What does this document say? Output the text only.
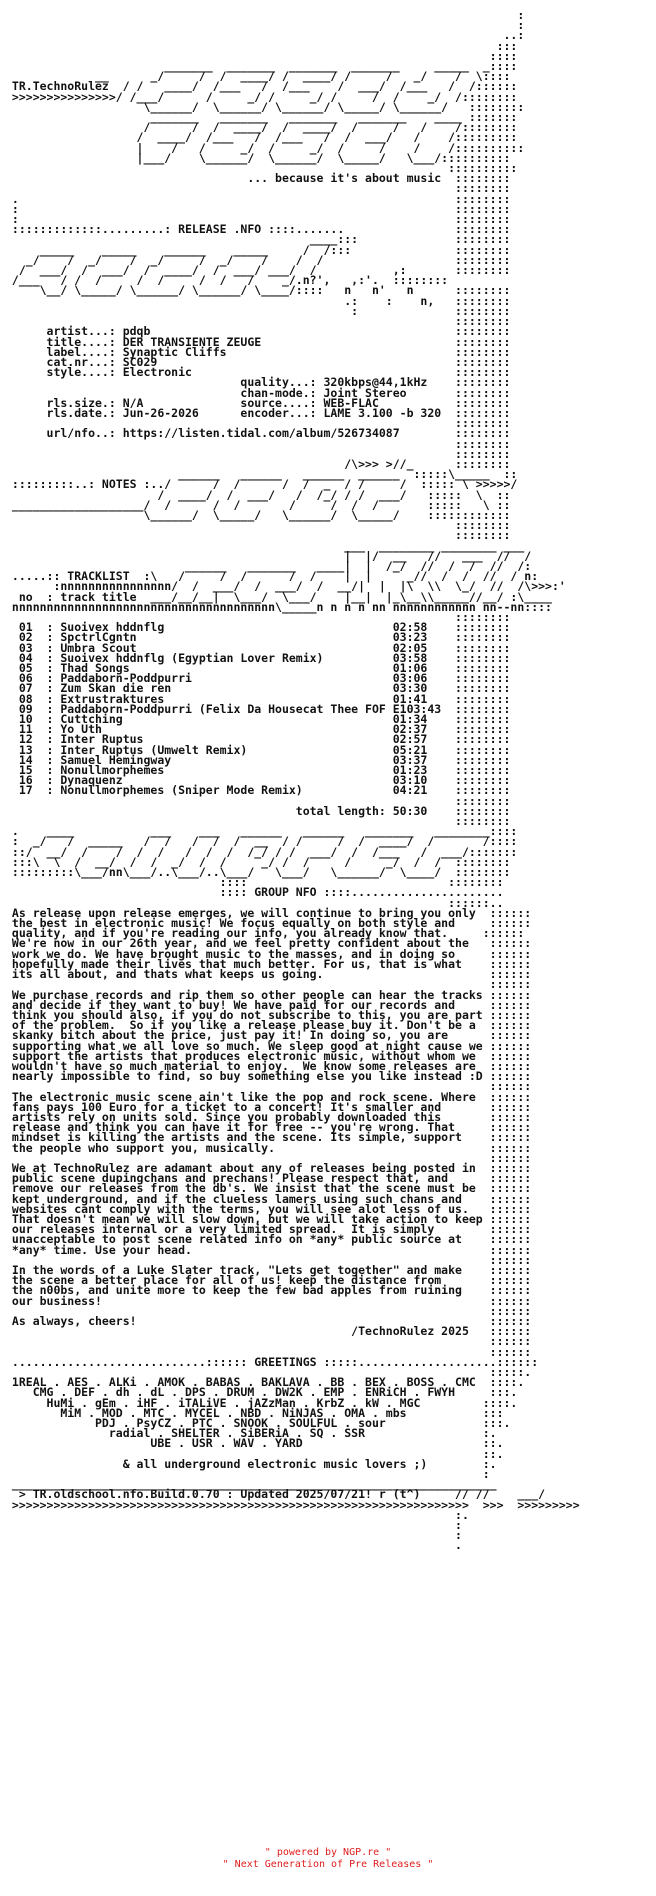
:
:
..:
:::
::::
_______  _______  _______  _______     _____  _::::
__      _/     /  /  ____/ /  ____/ /     /   _/    /  \::::
TR.TechnoRulez  / /   ____/  /___   /  /___    /  ___/  /___   /  /::::::
>>>>>>>>>>>>>>>/ /___/      /     _/ /     _/ /     /  /    _/  /::::::::
\______/  \______/ \______/ \_____/ \______/   ::::::::
_______   _______   _______   _______    ____ :::::::
/      /  /  ____/  /  ____/  /     /   /    /::::::::
/  ____/  /___   /  /___   /  /  ___/   /    /:::::::::
|    /   /     _/  /     _/  /     /    /    /::::::::::
|___/    \______/  \______/  \_____/   \___/::::::::::
::::::::::
... because it's about music  ::::::::
::::::::
.                                                               ::::::::
:                                                               ::::::::
:                                                               ::::::::
:::::::::::::.........: RELEASE .NFO ::::.......                ::::::::
____:::              ::::::::
_____    _____    ______    _____     /  /:::               ::::::::
_/    /  _/    /  _/     /  _/    /    /  /                   ::::::::
/  ___/  /  ___/  /  ____/  /  ___/ ___/  /           ,:       ::::::::
/___   / /  /     /  /     /  /   /    _/.n?',   ,:'.  ::::::::
\__/ \_____/ \______/ \______/ \____/::::   n   n'   n      ::::::::
.:    :    n,   ::::::::
:              ::::::::
::::::::
artist...: pdqb                                            ::::::::
title....: DER TRANSIENTE ZEUGE                            ::::::::
label....: Synaptic Cliffs                                 ::::::::
cat.nr...: SC029                                           ::::::::
style....: Electronic                                      ::::::::
quality...: 320kbps@44,1kHz    ::::::::
chan-mode.: Joint Stereo       ::::::::
rls.size.: N/A              source....: WEB-FLAC           ::::::::
rls.date.: Jun-26-2026      encoder...: LAME 3.100 -b 320  ::::::::
::::::::
url/nfo..: https://listen.tidal.com/album/526734087        ::::::::
::::::::
::::::::
/\>>> >//_      ::::::::
______   ______   ______  ______  :::::\_____  ::
:::::::::..: NOTES :../      /  /      /  /  _  / /     /  ::::: \ >>>>>/
/  ____/  /  ___/   /  /_/ / /  ___/   :::::  \  ::
___________________/  /      /  /       /     /  /  /       :::::   \ ::
\______/  \_____/   \______/  \_____/    ::::::::::::
::::::::
::::::::
___  ________ ________ ___
|  |/  __   //   ___  //  /
______   _______   ____|  |  /_/  //  /  /  //  /:
.....:: TRACKLIST  :\   /     /  /      /  /    |  |     _//  /  /  //  / n:
:nnnnnnnnnnnnnnnn/  /  ___/  /  ___/  /  __/|  |  |\  \\  \_/  //  /\>>>:'
no  : track title  ___/__/__|  \___/  \___/    |__|  |_\__\\_____//__/ :\____
nnnnnnnnnnnnnnnnnnnnnnnnnnnnnnnnnnnnnn\_____n n n n nn nnnnnnnnnnnn nn--nn::::
::::::::
01  : Suoivex hddnflg                                 02:58    ::::::::
02  : SpctrlCgntn                                     03:23    ::::::::
03  : Umbra Scout                                     02:05    ::::::::
04  : Suoivex hddnflg (Egyptian Lover Remix)          03:58    ::::::::
05  : Thad Songs                                      01:06    ::::::::
06  : Paddaborn-Poddpurri                             03:06    ::::::::
07  : Zum Skan die ren                                03:30    ::::::::
08  : Extrustraktures                                 01:41    ::::::::
09  : Paddaborn-Poddpurri (Felix Da Housecat Thee FOF E103:43  ::::::::
10  : Cuttching                                       01:34    ::::::::
11  : Yo Uth                                          02:37    ::::::::
12  : Inter Ruptus                                    02:57    ::::::::
13  : Inter Ruptus (Umwelt Remix)                     05:21    ::::::::
14  : Samuel Hemingway                                03:37    ::::::::
15  : Nonullmorphemes                                 01:23    ::::::::
16  : Dynaquenz                                       03:10    ::::::::
17  : Nonullmorphemes (Sniper Mode Remix)             04:21    ::::::::
::::::::
total length: 50:30    ::::::::
::::::::
.    ____           ___    ___   ______   ______   _______   ________::::
:  _/   /  _____   /  /   /  /  /  __  / /     /  /  ____/  /       /::::
::/  __/  /    /  /  /   /  /  /  /_/ / /  ___/  /  /___   /  ___/:::::::
:::\  \  /  __/  /  /  _/  /  /     _/ /  /     /     _/  /  /  ::::::::
:::::::::\___/nn\___/..\___/..\___/   \___/   \______/  \____/  ::::::::
::::                             ::::::::
:::: GROUP NFO ::::......................
::::::..
As release upon release emerges, we will continue to bring you only  ::::::
the best in electronic music! We focus equally on both style and     ::::::
quality, and if you're reading our info, you already know that.     ::::::
We're now in our 26th year, and we feel pretty confident about the   ::::::
work we do. We have brought music to the masses, and in doing so     ::::::
hopefully made their lives that much better. For us, that is what    ::::::
its all about, and thats what keeps us going.                        ::::::
::::::
We purchase records and rip them so other people can hear the tracks ::::::
and decide if they want to buy! We have paid for our records and     ::::::
think you should also, if you do not subscribe to this, you are part ::::::
of the problem.  So if you like a release please buy it. Don't be a  ::::::
skanky bitch about the price, just pay it! In doing so, you are      ::::::
supporting what we all love so much. We sleep good at night cause we ::::::
support the artists that produces electronic music, without whom we  ::::::
wouldn't have so much material to enjoy.  We know some releases are  ::::::
nearly impossible to find, so buy something else you like instead :D ::::::
::::::
The electronic music scene ain't like the pop and rock scene. Where  ::::::
fans pays 100 Euro for a ticket to a concert! It's smaller and       ::::::
artists rely on units sold. Since you probably downloaded this       ::::::
release and think you can have it for free -- you're wrong. That     ::::::
mindset is killing the artists and the scene. Its simple, support    ::::::
the people who support you, musically.                               ::::::
::::::
We at TechnoRulez are adamant about any of releases being posted in  ::::::
public scene dupingchans and prechans! Please respect that, and      ::::::
remove our releases from the db's. We insist that the scene must be  ::::::
kept underground, and if the clueless lamers using such chans and    ::::::
websites cant comply with the terms, you will see alot less of us.   ::::::
That doesn't mean we will slow down, but we will take action to keep ::::::
our releases internal or a very limited spread.  It is simply        ::::::
unacceptable to post scene related info on *any* public source at    ::::::
*any* time. Use your head.                                           ::::::
::::::
In the words of a Luke Slater track, "Lets get together" and make    ::::::
the scene a better place for all of us! keep the distance from       ::::::
the n00bs, and unite more to keep the few bad apples from ruining    ::::::
our business!                                                        ::::::
::::::
As always, cheers!                                                   ::::::
/TechnoRulez 2025   ::::::
::::::
::::::
............................:::::: GREETINGS :::::....................::::::
:::::.
1REAL . AES . ALKi . AMOK . BABAS . BAKLAVA . BB . BEX . BOSS . CMC  ::::.
CMG . DEF . dh . dL . DPS . DRUM . DW2K . EMP . ENRiCH . FWYH     :::.
HuMi . gEm . iHF . iTALiVE . jAZzMan . KrbZ . kW . MGC         ::::.
MiM . MOD . MTC . MYCEL . NBD . NiNJAS . OMA . mbs           :::
PDJ . PsyCZ . PTC . SNOOK . SOULFUL . sour              :::.
radial . SHELTER . SiBERiA . SQ . SSR                 :.
UBE . USR . WAV . YARD                          ::.
::.
& all underground electronic music lovers ;)        :.
:
______________________________________________________________________
> TR.oldschool.nfo.Build.0.70 : Updated 2025/07/21! r (t^)     // //    ___/
>>>>>>>>>>>>>>>>>>>>>>>>>>>>>>>>>>>>>>>>>>>>>>>>>>>>>>>>>>>>>>>>>>  >>>  >>>>>>>>>
:.
:
:
.

" powered by NGP.re "
" Next Generation of Pre Releases "
